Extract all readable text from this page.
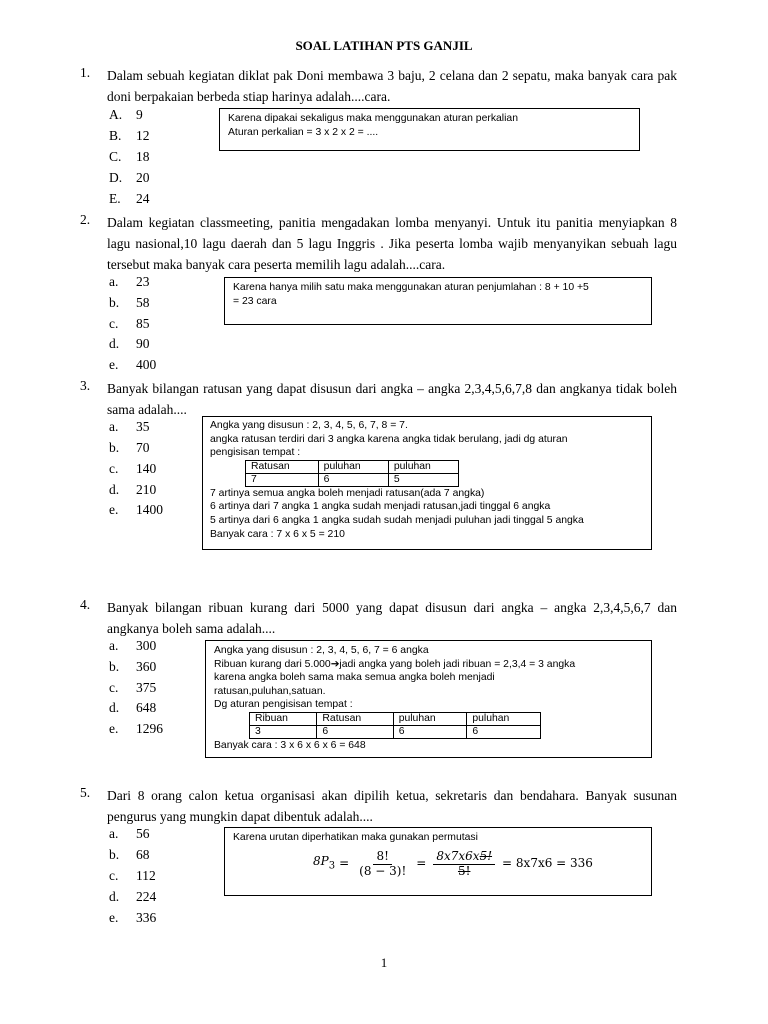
SOAL LATIHAN PTS GANJIL
1. Dalam sebuah kegiatan diklat pak Doni membawa 3 baju, 2 celana dan 2 sepatu, maka banyak cara pak doni berpakaian berbeda stiap harinya adalah....cara.
A. 9
B. 12
C. 18
D. 20
E. 24

Karena dipakai sekaligus maka menggunakan aturan perkalian

Aturan perkalian = 3 x 2 x 2 = ....

2. Dalam kegiatan classmeeting, panitia mengadakan lomba menyanyi. Untuk itu panitia menyiapkan 8 lagu nasional,10 lagu daerah dan 5 lagu Inggris . Jika peserta lomba wajib menyanyikan sebuah lagu tersebut maka banyak cara peserta memilih lagu adalah....cara.
a. 23
b. 58
c. 85
d. 90
e. 400

Karena hanya milih satu maka menggunakan aturan penjumlahan : 8 + 10 +5

= 23 cara

3. Banyak bilangan ratusan yang dapat disusun dari angka – angka 2,3,4,5,6,7,8 dan angkanya tidak boleh sama adalah....
a. 35
b. 70
c. 140
d. 210
e. 1400

Angka yang disusun : 2, 3, 4, 5, 6, 7, 8 = 7.

angka ratusan terdiri dari 3 angka karena angka tidak berulang, jadi dg aturan

pengisisan tempat :

Ratusan	puluhan	puluhan
7	6	5

7 artinya semua angka boleh menjadi ratusan(ada 7 angka)

6 artinya dari 7 angka 1 angka sudah menjadi ratusan,jadi tinggal 6 angka

5 artinya dari 6 angka 1 angka sudah sudah menjadi puluhan jadi tinggal 5 angka

Banyak cara : 7 x 6 x 5 = 210

4. Banyak bilangan ribuan kurang dari 5000 yang dapat disusun dari angka – angka 2,3,4,5,6,7 dan angkanya boleh sama adalah....
a. 300
b. 360
c. 375
d. 648
e. 1296

Angka yang disusun : 2, 3, 4, 5, 6, 7 = 6 angka

Ribuan kurang dari 5.000➔jadi angka yang boleh jadi ribuan = 2,3,4 = 3 angka

karena angka boleh sama maka semua angka boleh menjadi

ratusan,puluhan,satuan.

Dg aturan pengisisan tempat :

Ribuan	Ratusan	puluhan	puluhan
3	6	6	6

Banyak cara : 3 x 6 x 6 x 6 = 648

5. Dari 8 orang calon ketua organisasi akan dipilih ketua, sekretaris dan bendahara. Banyak susunan pengurus yang mungkin dapat dibentuk adalah....
a. 56
b. 68
c. 112
d. 224
e. 336

Karena urutan diperhatikan maka gunakan permutasi

$8P_3 = \frac{8!}{(8 - 3)!} = \frac{8x7x6x5!}{5!} = 8x7x6 = 336$
1
